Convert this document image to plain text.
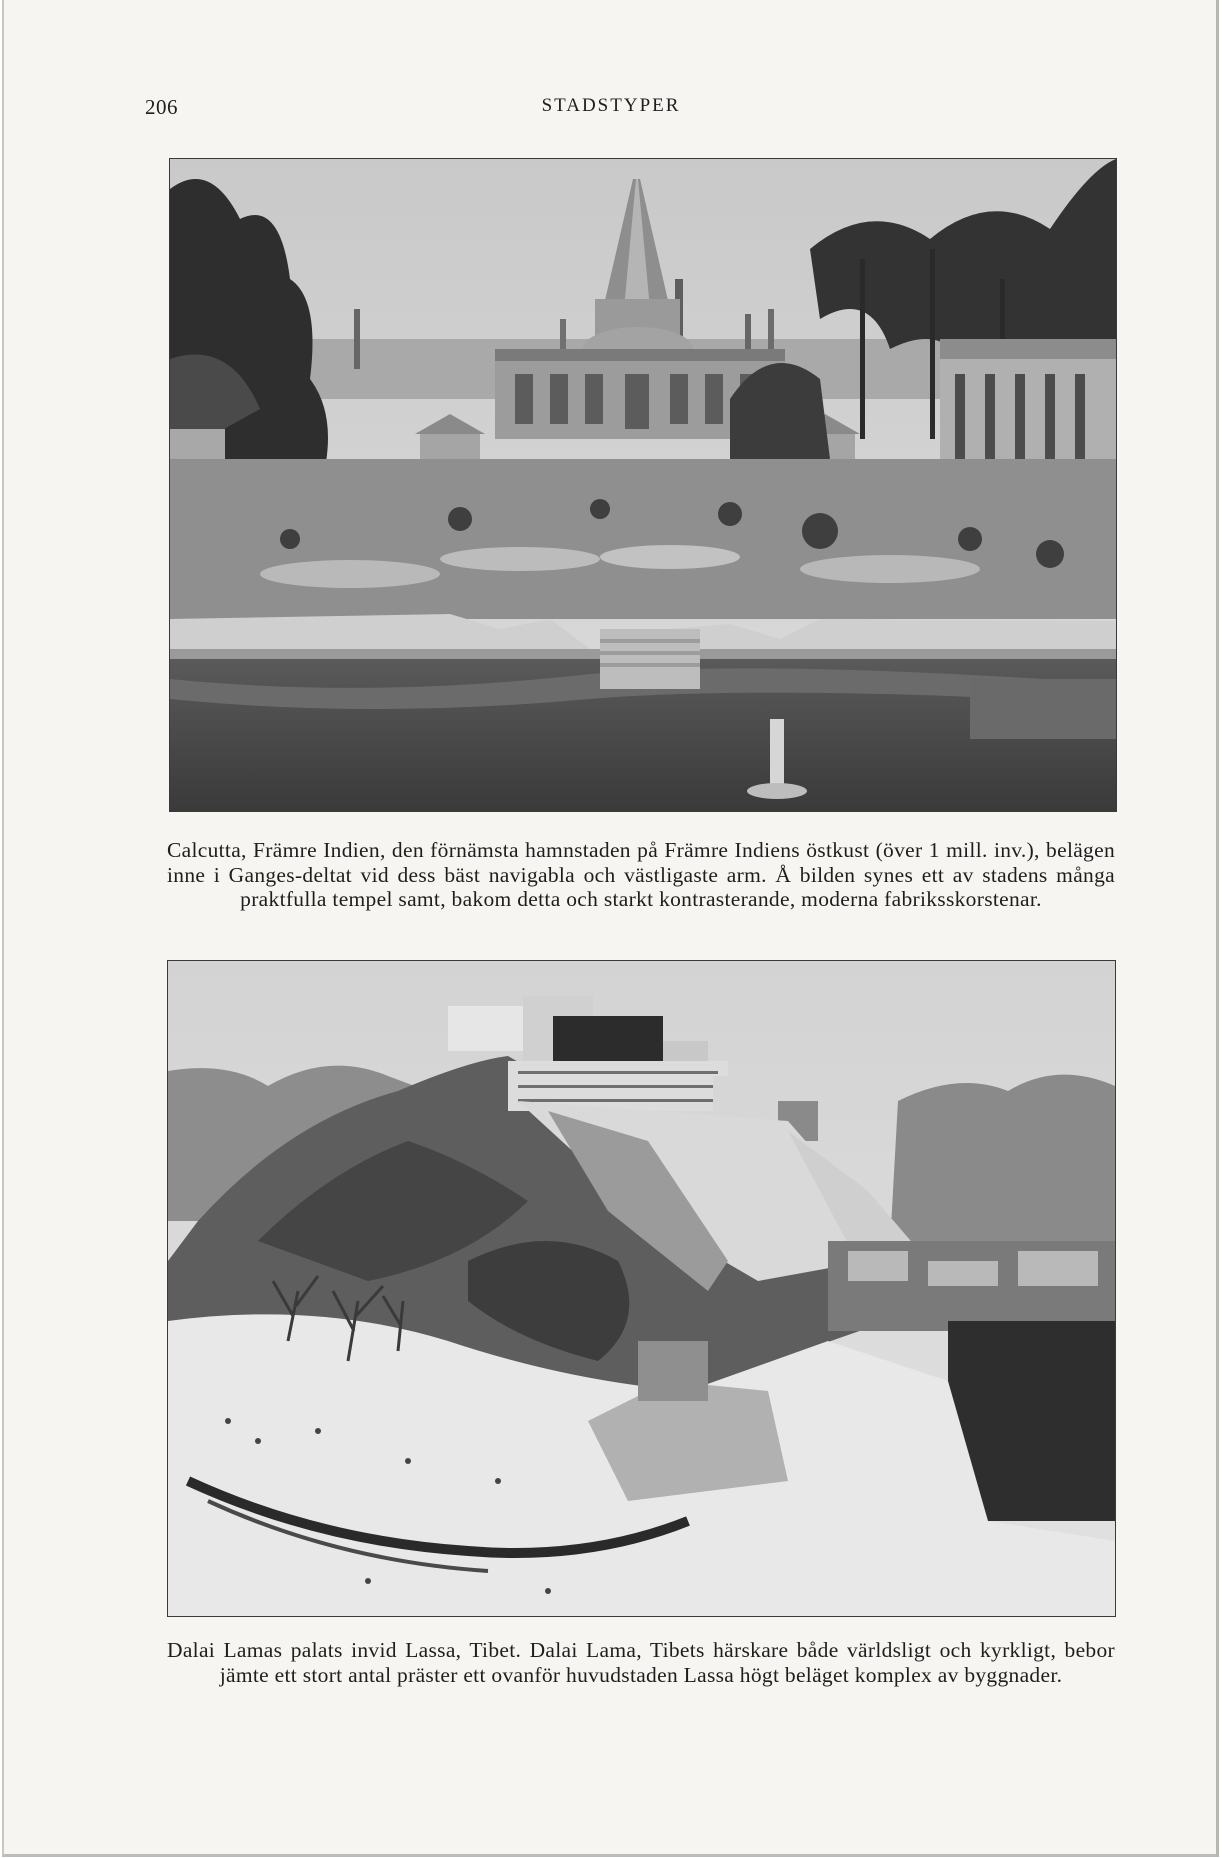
206	STADSTYPER
Calcutta, Främre Indien, den förnämsta hamnstaden på Främre Indiens östkust (över 1 mill. inv.), belägen inne i Ganges-deltat vid dess bäst navigabla och västligaste arm. Å bilden synes ett av stadens många praktfulla tempel samt, bakom detta och starkt kontrasterande, moderna fabriksskorstenar.
Dalai Lamas palats invid Lassa, Tibet. Dalai Lama, Tibets härskare både världsligt och kyrkligt, bebor jämte ett stort antal präster ett ovanför huvudstaden Lassa högt beläget komplex av byggnader.
